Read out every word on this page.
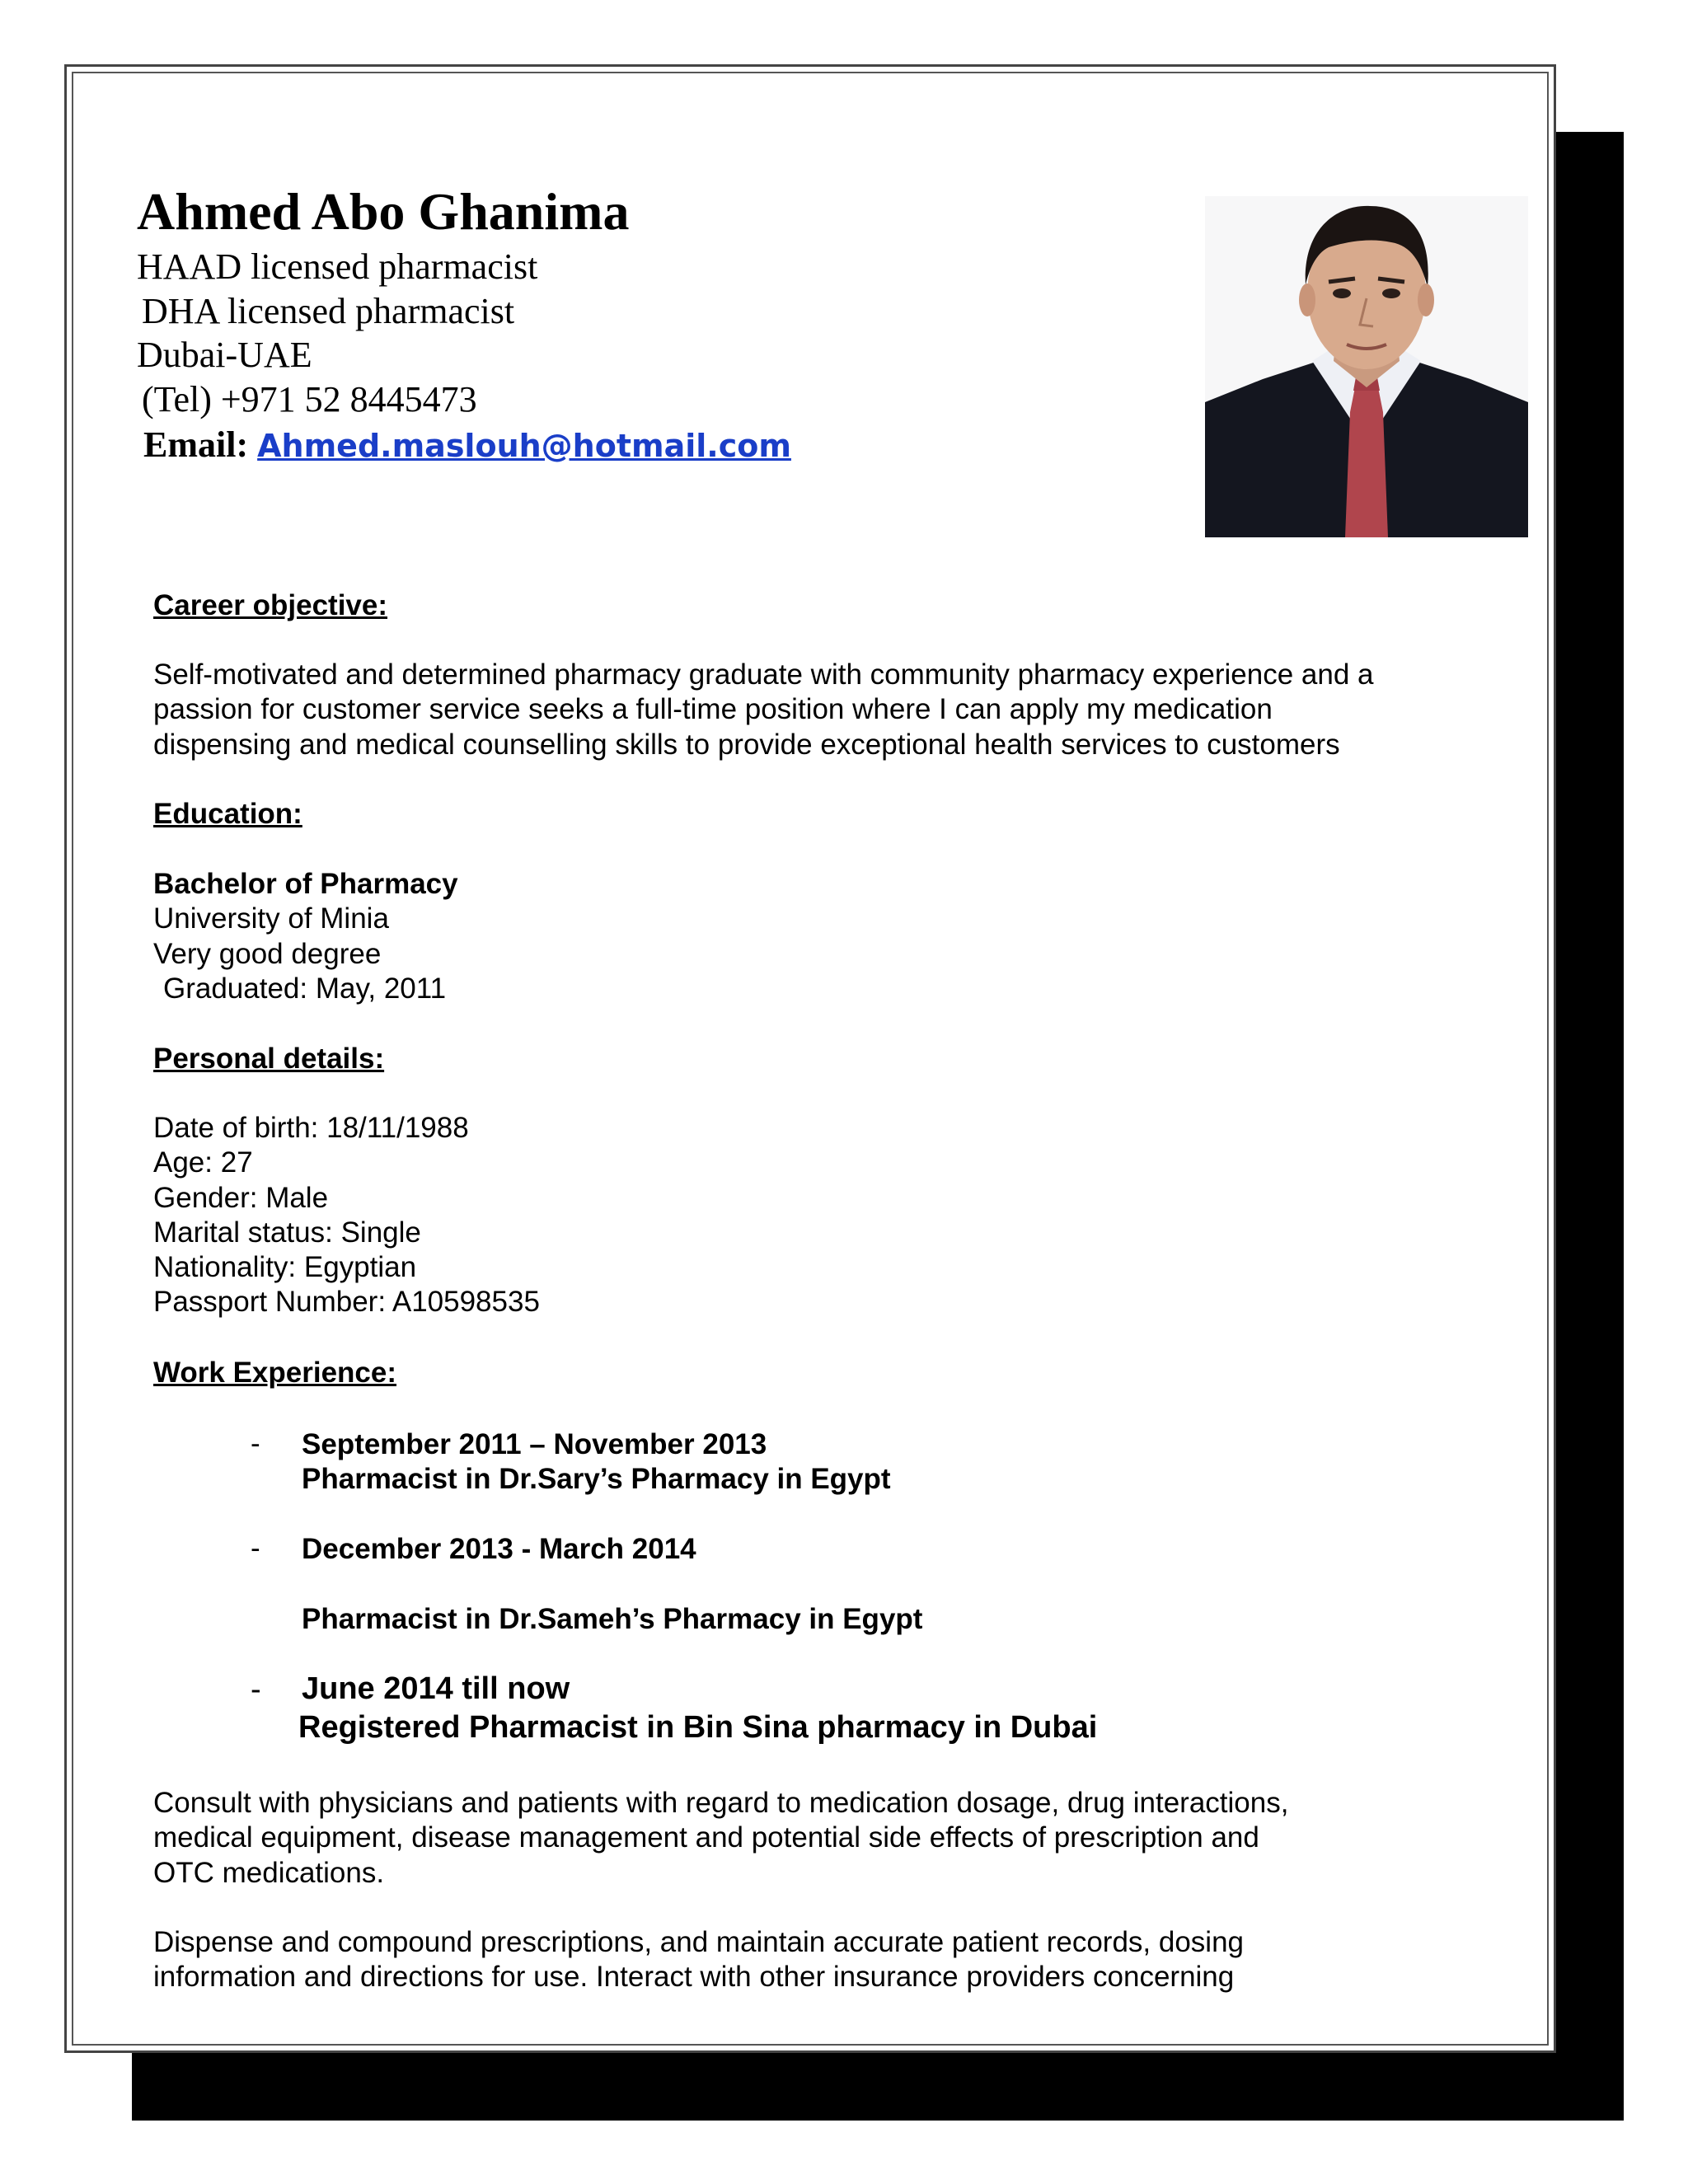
Ahmed Abo Ghanima
HAAD licensed pharmacist
DHA licensed pharmacist
Dubai-UAE
(Tel) +971 52 8445473
Email: Ahmed.maslouh@hotmail.com

Career objective:

Self-motivated and determined pharmacy graduate with community pharmacy experience and a

passion for customer service seeks a full-time position where I can apply my medication

dispensing and medical counselling skills to provide exceptional health services to customers

Education:

Bachelor of Pharmacy

University of Minia

Very good degree

Graduated: May, 2011

Personal details:

Date of birth: 18/11/1988

Age: 27

Gender: Male

Marital status: Single

Nationality: Egyptian

Passport Number: A10598535

Work Experience:

- September 2011 – November 2013
Pharmacist in Dr.Sary’s Pharmacy in Egypt
- December 2013 - March 2014
Pharmacist in Dr.Sameh’s Pharmacy in Egypt
- June 2014 till now
Registered Pharmacist in Bin Sina pharmacy in Dubai

Consult with physicians and patients with regard to medication dosage, drug interactions,

medical equipment, disease management and potential side effects of prescription and

OTC medications.

Dispense and compound prescriptions, and maintain accurate patient records, dosing

information and directions for use. Interact with other insurance providers concerning
